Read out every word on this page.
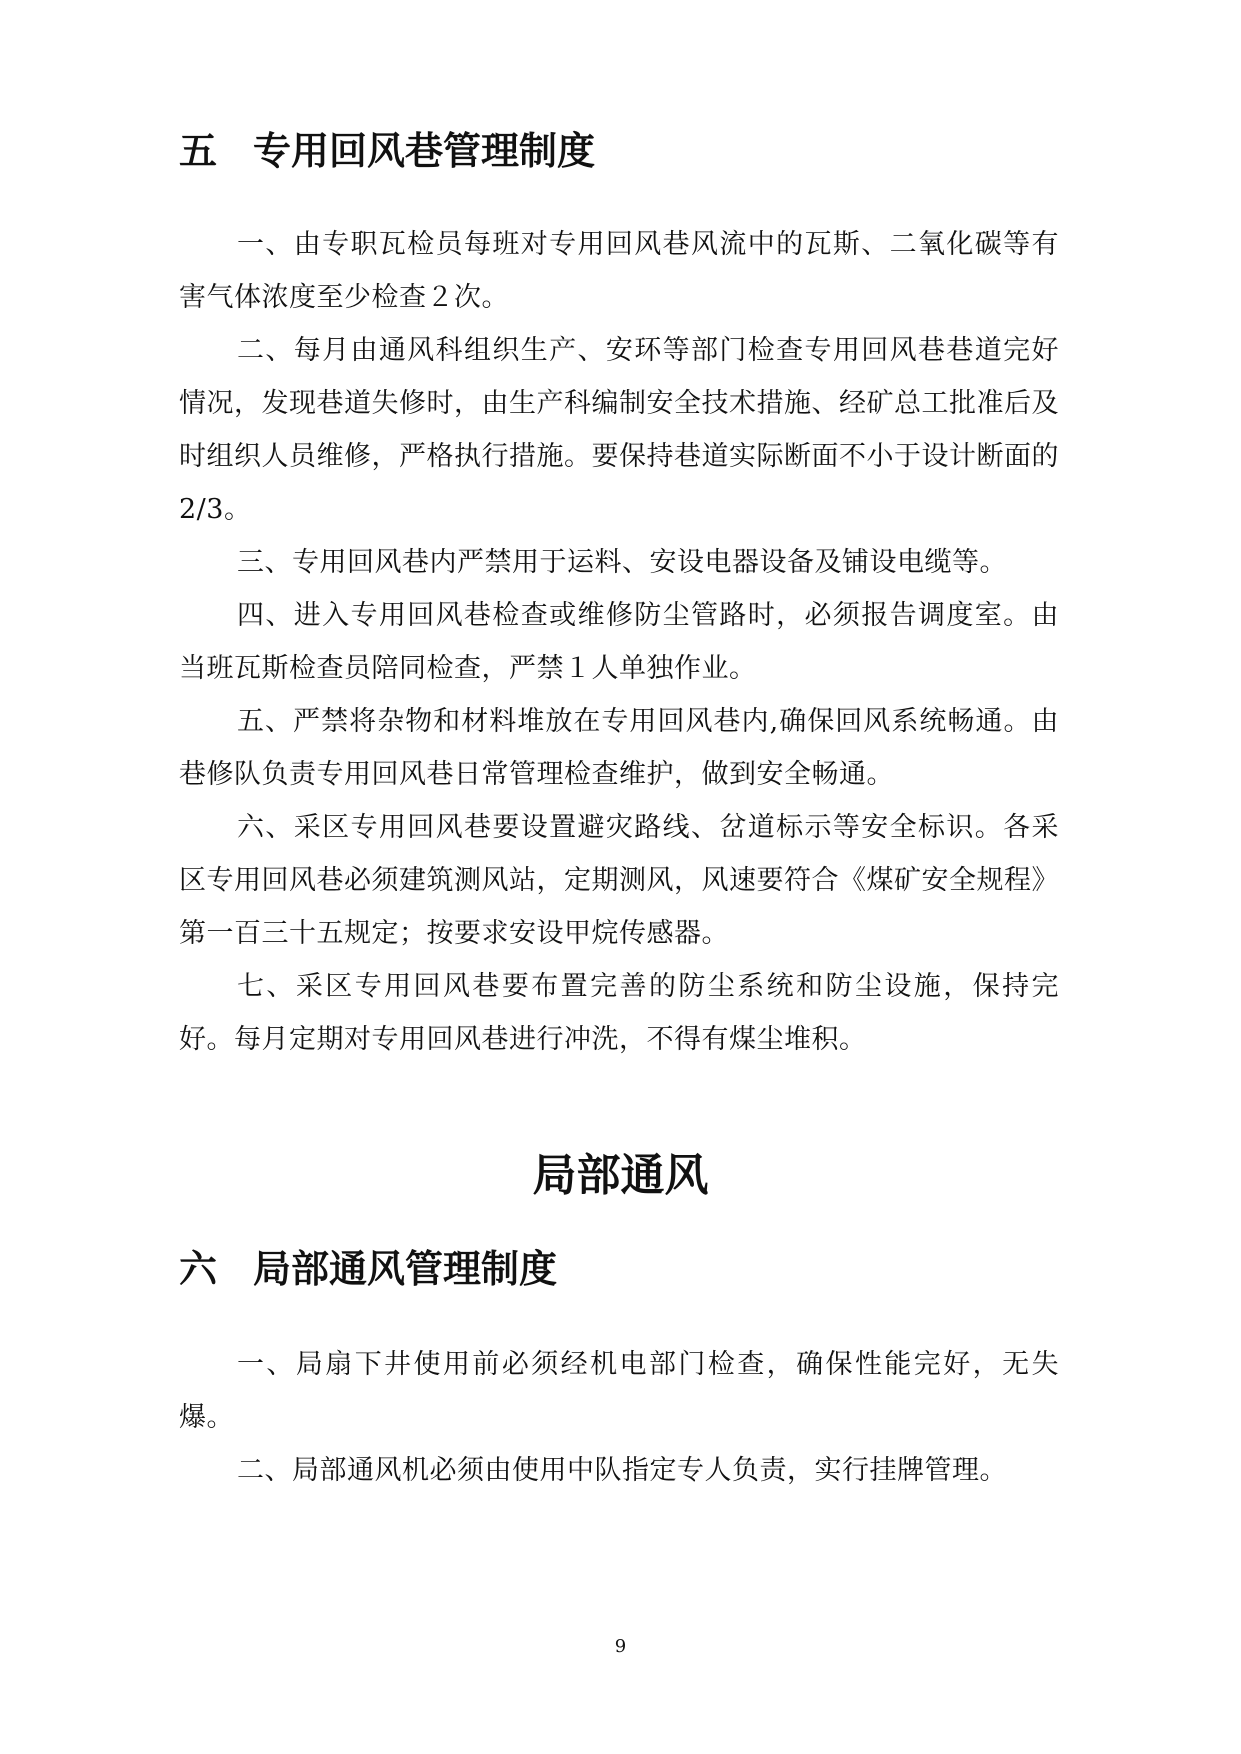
五 专用回风巷管理制度

一、由专职瓦检员每班对专用回风巷风流中的瓦斯、二氧化碳等有害气体浓度至少检查２次。

二、每月由通风科组织生产、安环等部门检查专用回风巷巷道完好情况，发现巷道失修时，由生产科编制安全技术措施、经矿总工批准后及时组织人员维修，严格执行措施。要保持巷道实际断面不小于设计断面的2/3。

三、专用回风巷内严禁用于运料、安设电器设备及铺设电缆等。

四、进入专用回风巷检查或维修防尘管路时，必须报告调度室。由当班瓦斯检查员陪同检查，严禁１人单独作业。

五、严禁将杂物和材料堆放在专用回风巷内,确保回风系统畅通。由巷修队负责专用回风巷日常管理检查维护，做到安全畅通。

六、采区专用回风巷要设置避灾路线、岔道标示等安全标识。各采区专用回风巷必须建筑测风站，定期测风，风速要符合《煤矿安全规程》第一百三十五规定；按要求安设甲烷传感器。

七、采区专用回风巷要布置完善的防尘系统和防尘设施，保持完好。每月定期对专用回风巷进行冲洗，不得有煤尘堆积。

局部通风
六 局部通风管理制度

一、局扇下井使用前必须经机电部门检查，确保性能完好，无失爆。

二、局部通风机必须由使用中队指定专人负责，实行挂牌管理。

9
